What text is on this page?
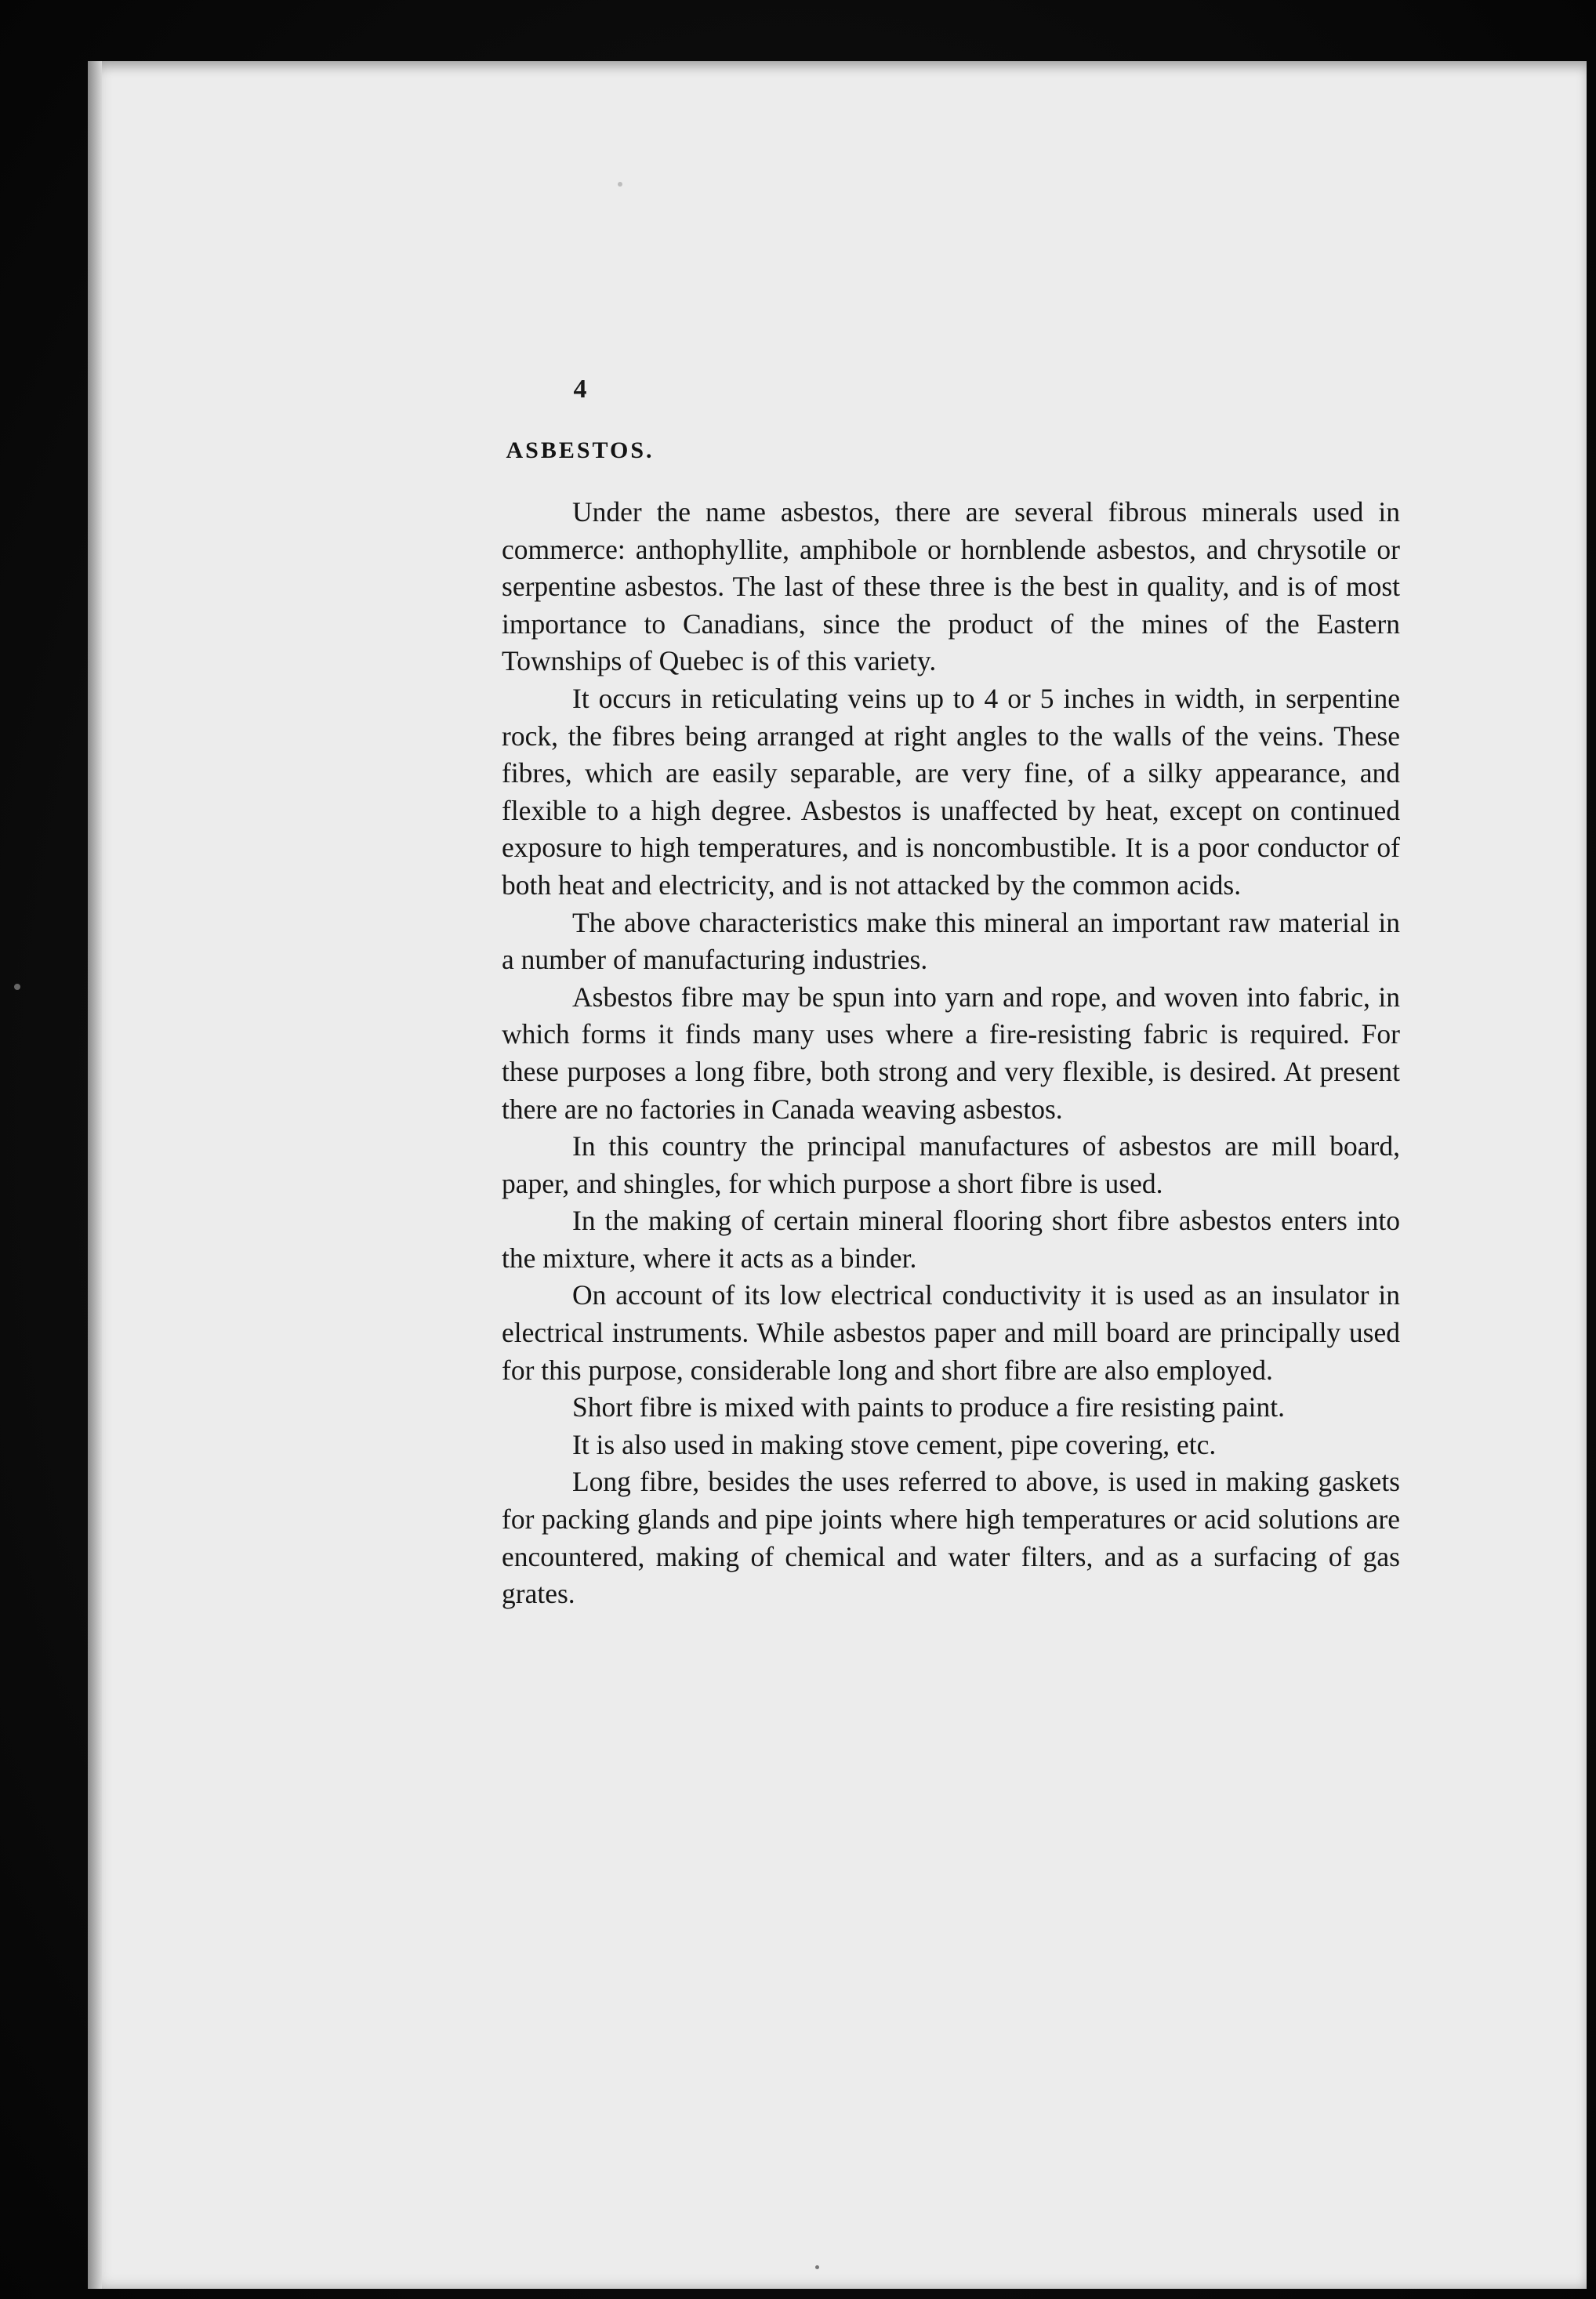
4
ASBESTOS.

Under the name asbestos, there are several fibrous minerals used in commerce: anthophyllite, amphibole or hornblende asbestos, and chrysotile or serpentine asbestos. The last of these three is the best in quality, and is of most importance to Canadians, since the product of the mines of the Eastern Townships of Quebec is of this variety.

It occurs in reticulating veins up to 4 or 5 inches in width, in serpentine rock, the fibres being arranged at right angles to the walls of the veins. These fibres, which are easily separable, are very fine, of a silky appearance, and flexible to a high degree. Asbestos is unaffected by heat, except on continued exposure to high temperatures, and is noncombustible. It is a poor conductor of both heat and electricity, and is not attacked by the common acids.

The above characteristics make this mineral an important raw material in a number of manufacturing industries.

Asbestos fibre may be spun into yarn and rope, and woven into fabric, in which forms it finds many uses where a fire-resisting fabric is required. For these purposes a long fibre, both strong and very flexible, is desired. At present there are no factories in Canada weaving asbestos.

In this country the principal manufactures of asbestos are mill board, paper, and shingles, for which purpose a short fibre is used.

In the making of certain mineral flooring short fibre asbestos enters into the mixture, where it acts as a binder.

On account of its low electrical conductivity it is used as an insulator in electrical instruments. While asbestos paper and mill board are principally used for this purpose, considerable long and short fibre are also employed.

Short fibre is mixed with paints to produce a fire resisting paint.

It is also used in making stove cement, pipe covering, etc.

Long fibre, besides the uses referred to above, is used in making gaskets for packing glands and pipe joints where high temperatures or acid solutions are encountered, making of chemical and water filters, and as a surfacing of gas grates.
